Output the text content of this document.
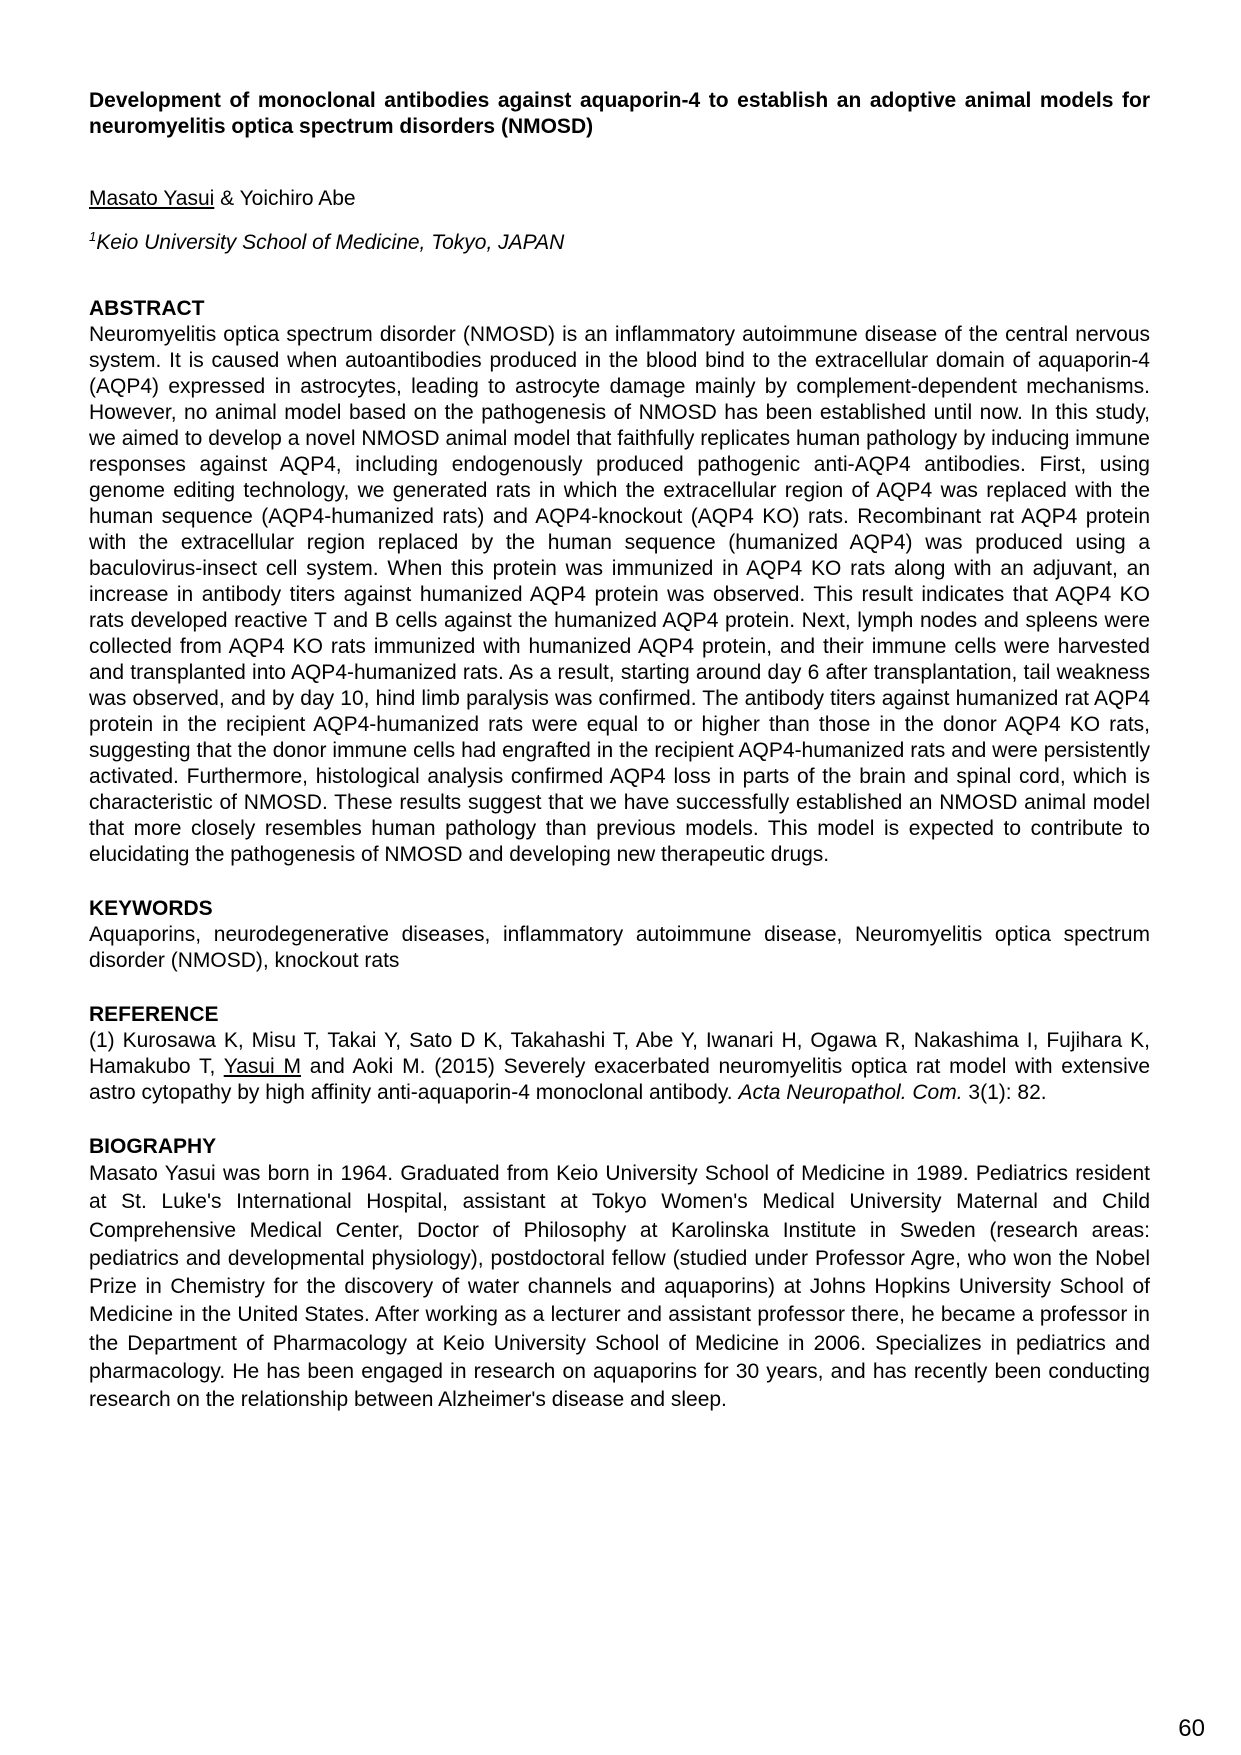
Development of monoclonal antibodies against aquaporin-4 to establish an adoptive animal models for neuromyelitis optica spectrum disorders (NMOSD)
Masato Yasui & Yoichiro Abe
$^1$Keio University School of Medicine, Tokyo, JAPAN
ABSTRACT

Neuromyelitis optica spectrum disorder (NMOSD) is an inflammatory autoimmune disease of the central nervous system. It is caused when autoantibodies produced in the blood bind to the extracellular domain of aquaporin-4 (AQP4) expressed in astrocytes, leading to astrocyte damage mainly by complement-dependent mechanisms. However, no animal model based on the pathogenesis of NMOSD has been established until now. In this study, we aimed to develop a novel NMOSD animal model that faithfully replicates human pathology by inducing immune responses against AQP4, including endogenously produced pathogenic anti-AQP4 antibodies. First, using genome editing technology, we generated rats in which the extracellular region of AQP4 was replaced with the human sequence (AQP4-humanized rats) and AQP4-knockout (AQP4 KO) rats. Recombinant rat AQP4 protein with the extracellular region replaced by the human sequence (humanized AQP4) was produced using a baculovirus-insect cell system. When this protein was immunized in AQP4 KO rats along with an adjuvant, an increase in antibody titers against humanized AQP4 protein was observed. This result indicates that AQP4 KO rats developed reactive T and B cells against the humanized AQP4 protein. Next, lymph nodes and spleens were collected from AQP4 KO rats immunized with humanized AQP4 protein, and their immune cells were harvested and transplanted into AQP4-humanized rats. As a result, starting around day 6 after transplantation, tail weakness was observed, and by day 10, hind limb paralysis was confirmed. The antibody titers against humanized rat AQP4 protein in the recipient AQP4-humanized rats were equal to or higher than those in the donor AQP4 KO rats, suggesting that the donor immune cells had engrafted in the recipient AQP4-humanized rats and were persistently activated. Furthermore, histological analysis confirmed AQP4 loss in parts of the brain and spinal cord, which is characteristic of NMOSD. These results suggest that we have successfully established an NMOSD animal model that more closely resembles human pathology than previous models. This model is expected to contribute to elucidating the pathogenesis of NMOSD and developing new therapeutic drugs.

KEYWORDS

Aquaporins, neurodegenerative diseases, inflammatory autoimmune disease, Neuromyelitis optica spectrum disorder (NMOSD), knockout rats

REFERENCE

(1) Kurosawa K, Misu T, Takai Y, Sato D K, Takahashi T, Abe Y, Iwanari H, Ogawa R, Nakashima I, Fujihara K, Hamakubo T, Yasui M and Aoki M. (2015) Severely exacerbated neuromyelitis optica rat model with extensive astro cytopathy by high affinity anti-aquaporin-4 monoclonal antibody. Acta Neuropathol. Com. 3(1): 82.

BIOGRAPHY

Masato Yasui was born in 1964. Graduated from Keio University School of Medicine in 1989. Pediatrics resident at St. Luke's International Hospital, assistant at Tokyo Women's Medical University Maternal and Child Comprehensive Medical Center, Doctor of Philosophy at Karolinska Institute in Sweden (research areas: pediatrics and developmental physiology), postdoctoral fellow (studied under Professor Agre, who won the Nobel Prize in Chemistry for the discovery of water channels and aquaporins) at Johns Hopkins University School of Medicine in the United States. After working as a lecturer and assistant professor there, he became a professor in the Department of Pharmacology at Keio University School of Medicine in 2006. Specializes in pediatrics and pharmacology. He has been engaged in research on aquaporins for 30 years, and has recently been conducting research on the relationship between Alzheimer's disease and sleep.

60
